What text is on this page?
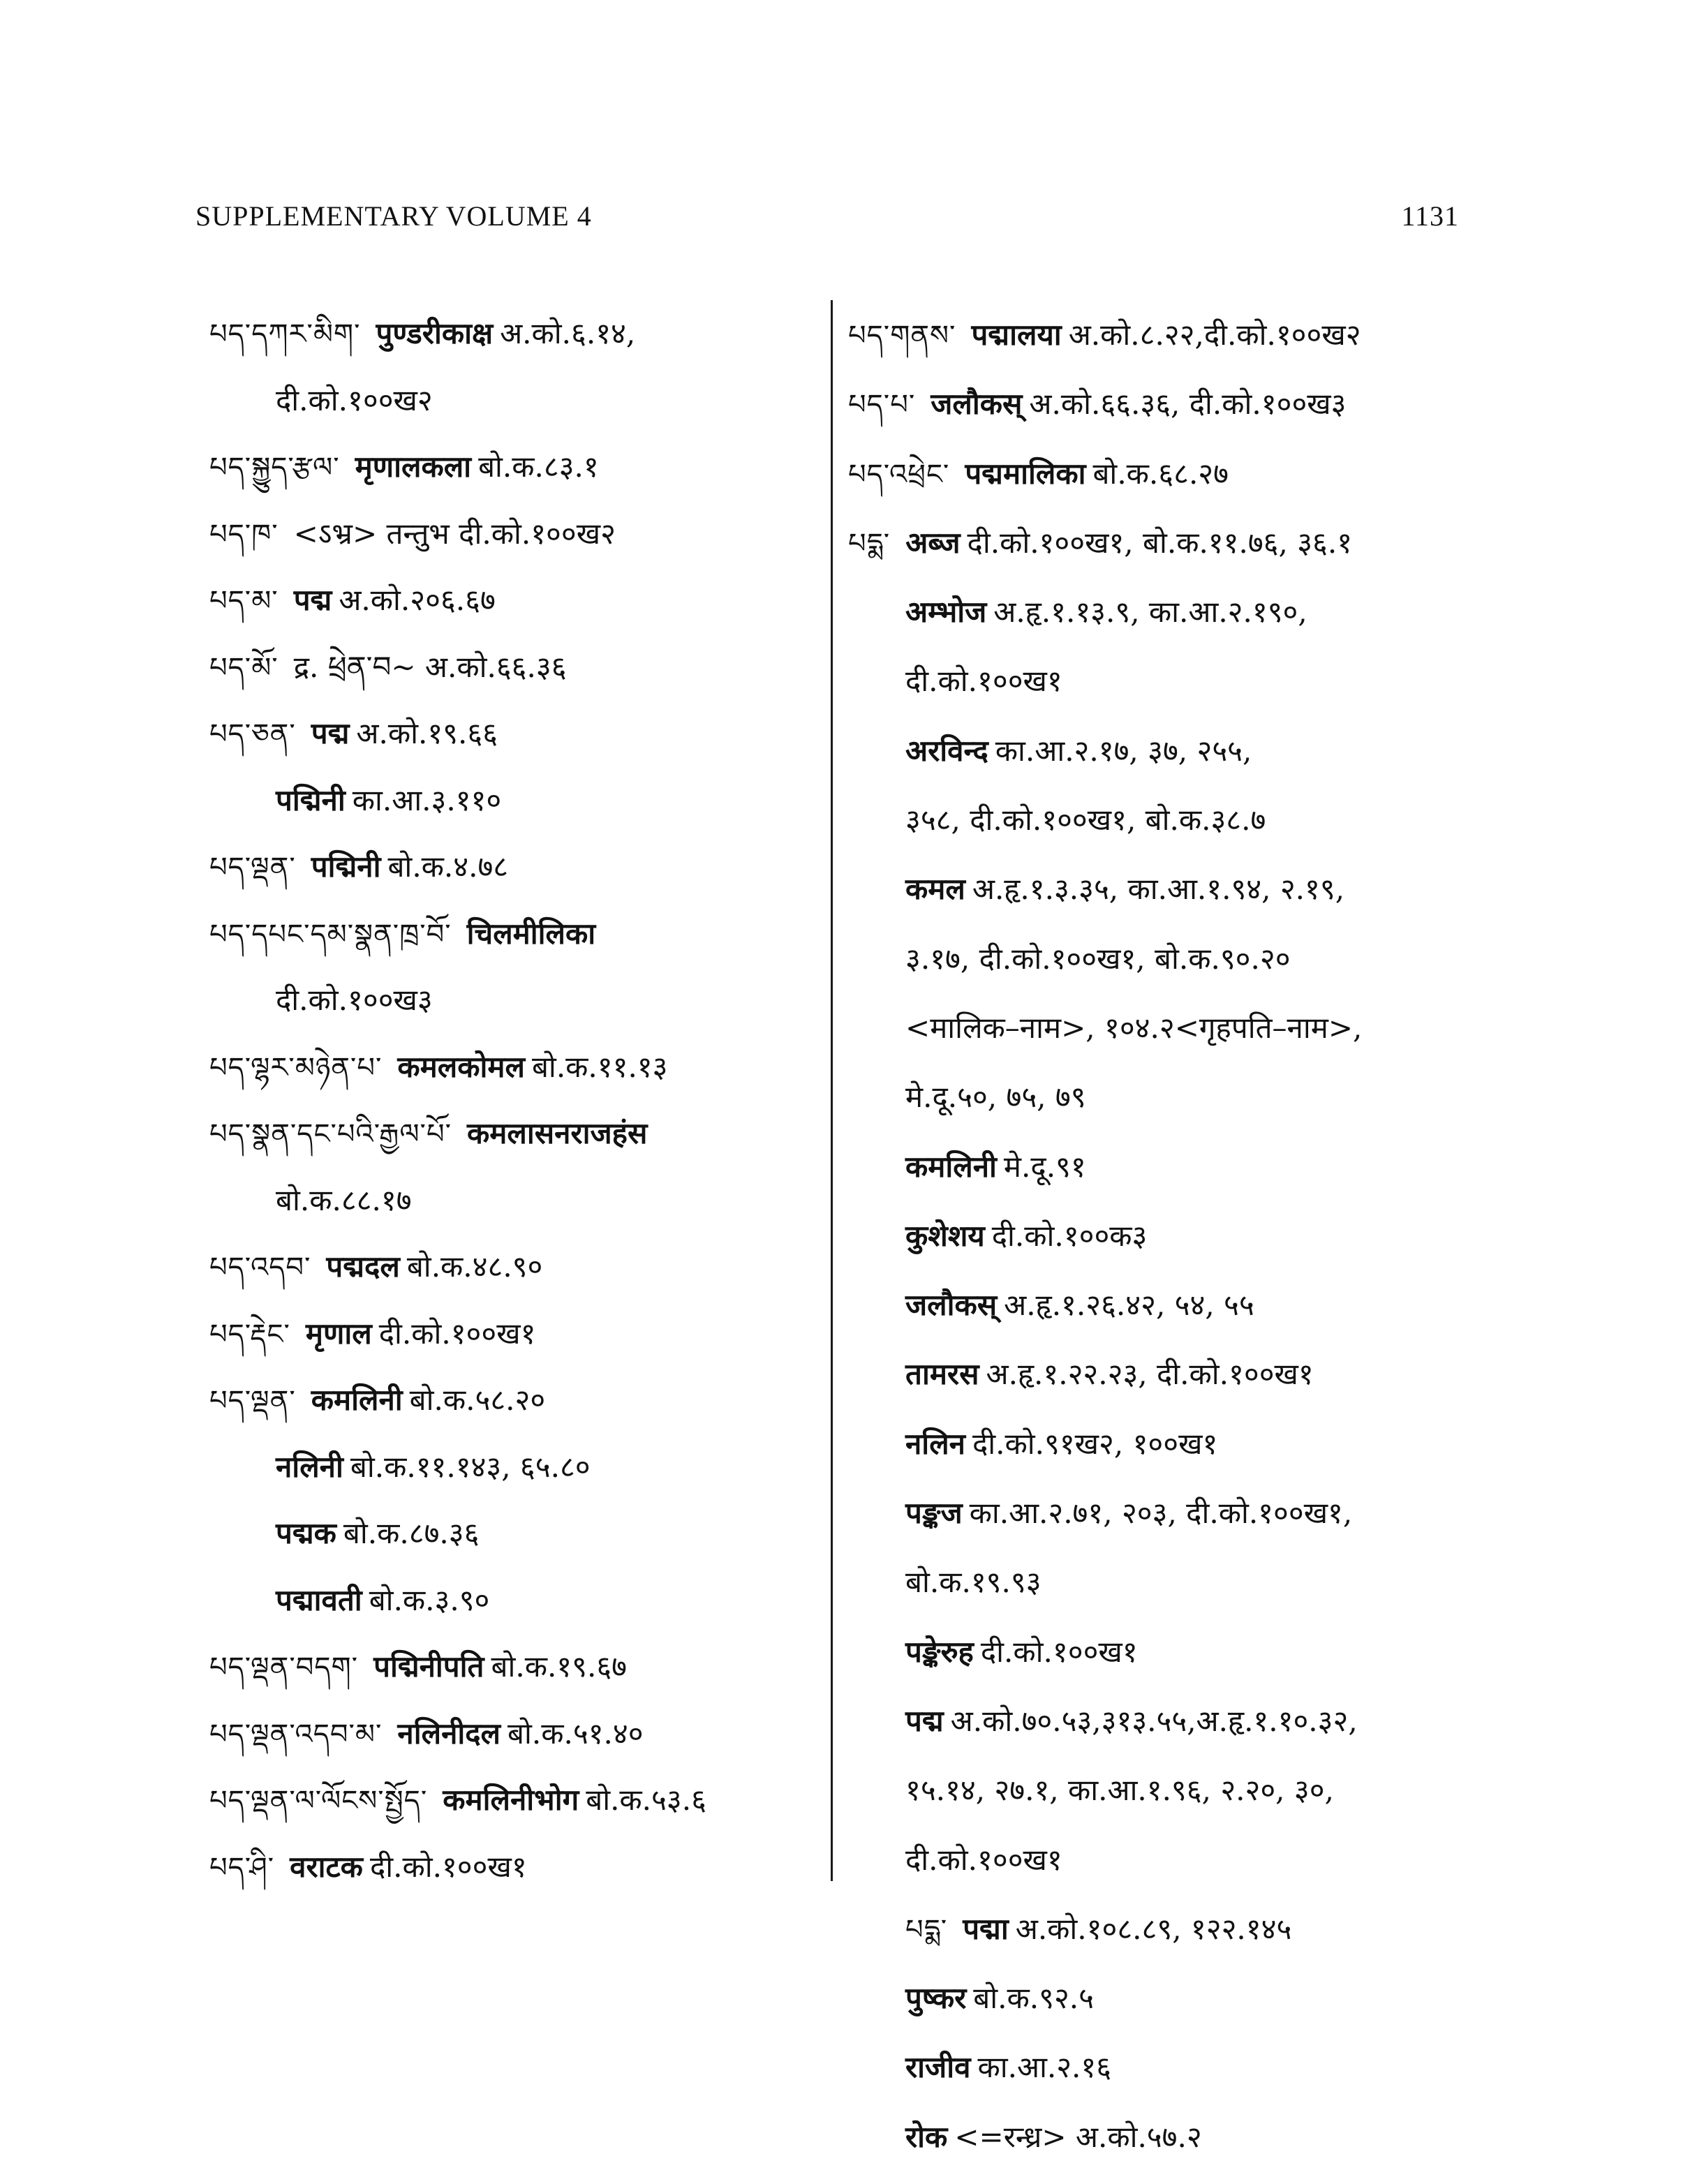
SUPPLEMENTARY VOLUME 4	1131
པད་དཀར་མིག་ पुण्डरीकाक्ष अ.को.६.१४,
दी.को.१००ख२
པད་སྐྱུད་རྩལ་ मृणालकला बो.क.८३.१
པད་ཁ་ <ऽभ्र> तन्तुभ दी.को.१००ख२
པད་མ་ पद्म अ.को.२०६.६७
པད་མོ་ द्र. ཕྲེན་བ~ अ.को.६६.३६
པད་ཅན་ पद्म अ.को.१९.६६
पद्मिनी का.आ.३.११०
པད་ལྡན་ पद्मिनी बो.क.४.७८
པད་དཔང་དམ་སྣན་ཁྲ་བོ་ चिलमीलिका
दी.को.१००ख३
པད་ལྷར་མཉེན་པ་ कमलकोमल बो.क.११.१३
པད་སྣན་དང་པའི་རྒྱལ་པོ་ कमलासनराजहंस
बो.क.८८.१७
པད་འདབ་ पद्मदल बो.क.४८.९०
པད་རྡེང་ मृणाल दी.को.१००ख१
པད་ལྡན་ कमलिनी बो.क.५८.२०
नलिनी बो.क.११.१४३, ६५.८०
पद्मक बो.क.८७.३६
पद्मावती बो.क.३.९०
པད་ལྡན་བདག་ पद्मिनीपति बो.क.१९.६७
པད་ལྡན་འདབ་མ་ नलिनीदल बो.क.५१.४०
པད་ལྡན་ལ་ལོངས་སྤྱོད་ कमलिनीभोग बो.क.५३.६
པད་ཤི་ वराटक दी.को.१००ख१
པད་གནས་ पद्मालया अ.को.८.२२,दी.को.१००ख२
པད་པ་ जलौकस् अ.को.६६.३६, दी.को.१००ख३
པད་འཕྲེང་ पद्ममालिका बो.क.६८.२७
པདྨ་ अब्ज दी.को.१००ख१, बो.क.११.७६, ३६.१
अम्भोज अ.हृ.१.१३.९, का.आ.२.१९०,
दी.को.१००ख१
अरविन्द का.आ.२.१७, ३७, २५५,
३५८, दी.को.१००ख१, बो.क.३८.७
कमल अ.हृ.१.३.३५, का.आ.१.९४, २.१९,
३.१७, दी.को.१००ख१, बो.क.९०.२०
<मालिक–नाम>, १०४.२<गृहपति–नाम>,
मे.दू.५०, ७५, ७९
कमलिनी मे.दू.९१
कुशेशय दी.को.१००क३
जलौकस् अ.हृ.१.२६.४२, ५४, ५५
तामरस अ.हृ.१.२२.२३, दी.को.१००ख१
नलिन दी.को.९१ख२, १००ख१
पङ्कज का.आ.२.७१, २०३, दी.को.१००ख१,
बो.क.१९.९३
पङ्केरुह दी.को.१००ख१
पद्म अ.को.७०.५३,३१३.५५,अ.हृ.१.१०.३२,
१५.१४, २७.१, का.आ.१.९६, २.२०, ३०,
दी.को.१००ख१
པདྨ་ पद्मा अ.को.१०८.८९, १२२.१४५
पुष्कर बो.क.९२.५
राजीव का.आ.२.१६
रोक <=रन्ध्र> अ.को.५७.२
